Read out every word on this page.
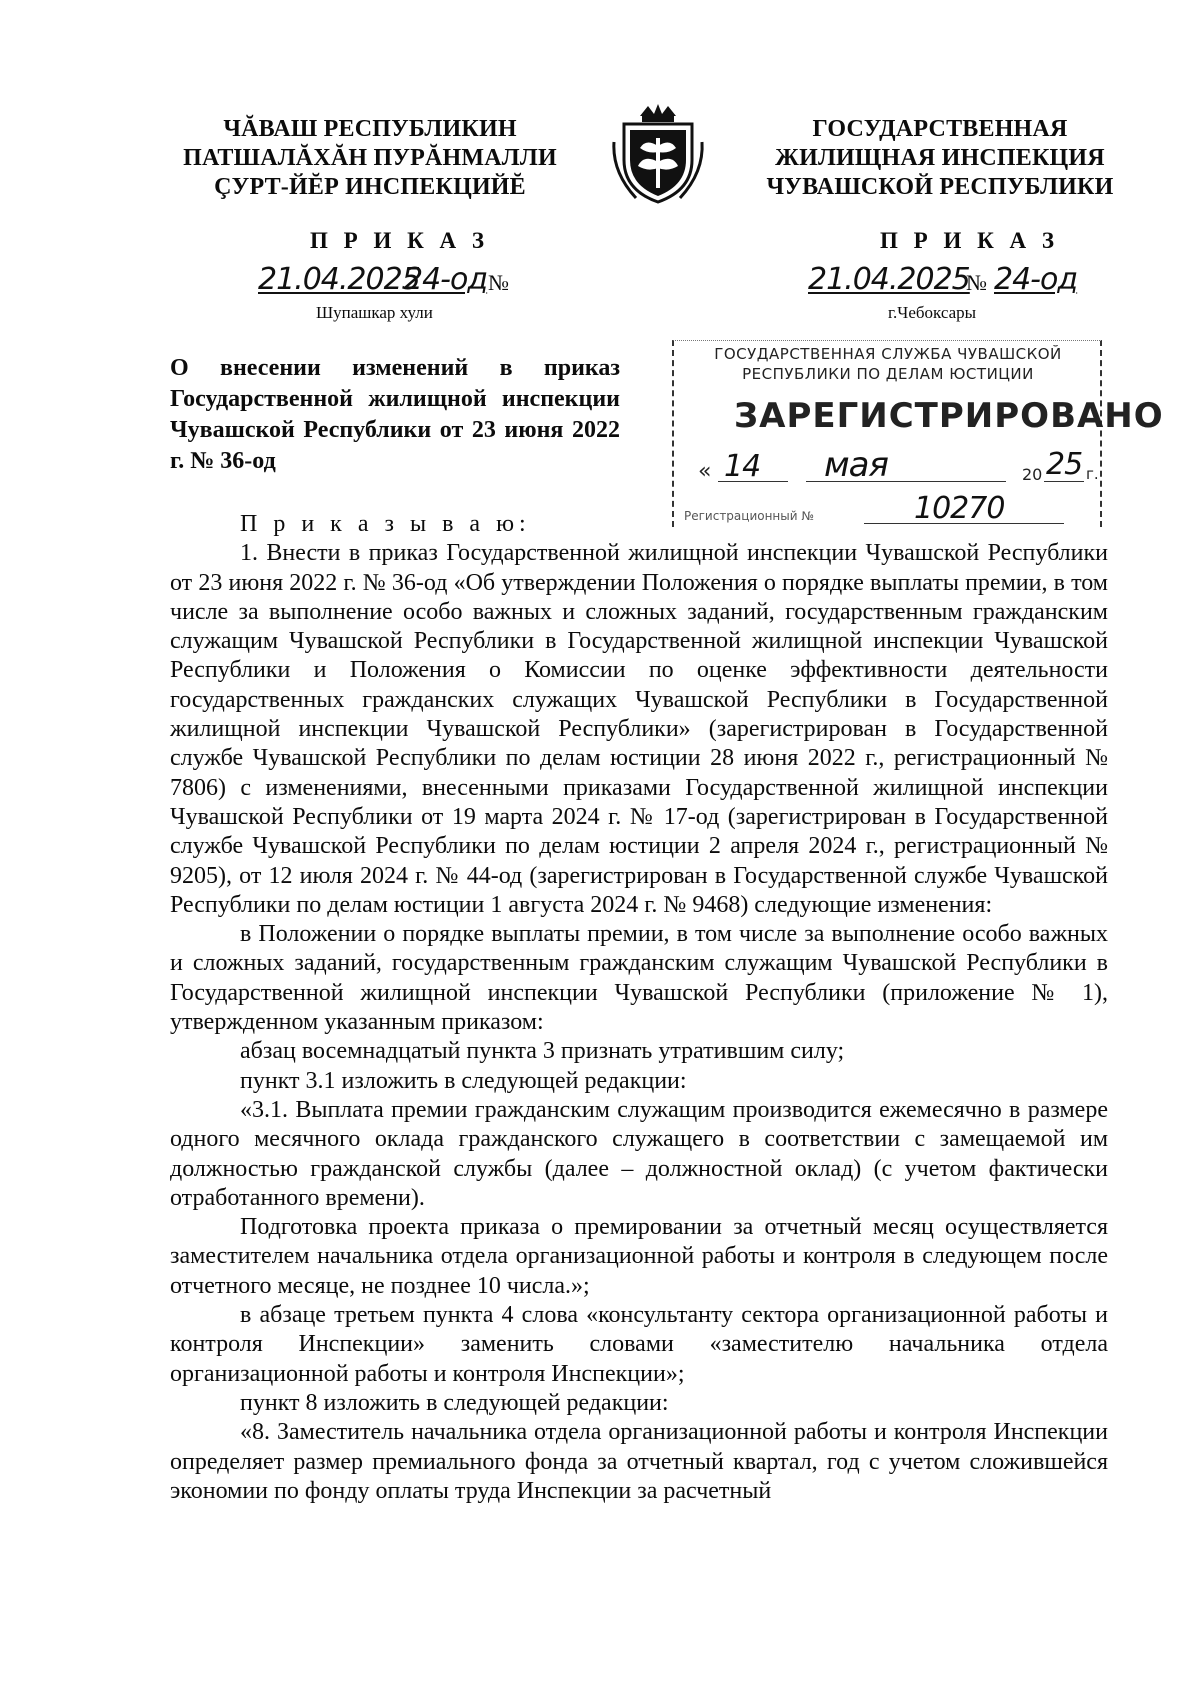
ЧĂВАШ РЕСПУБЛИКИН
ПАТШАЛĂХĂН ПУРĂНМАЛЛИ
ÇУРТ-ЙĔР ИНСПЕКЦИЙĔ
ГОСУДАРСТВЕННАЯ
ЖИЛИЩНАЯ ИНСПЕКЦИЯ
ЧУВАШСКОЙ РЕСПУБЛИКИ
П Р И К А З
21.04.2025
24-од №
Шупашкар хули
П Р И К А З
21.04.2025
№ 24-од
г.Чебоксары
О внесении изменений в приказ Государственной жилищной инспекции Чувашской Республики от 23 июня 2022 г. № 36-од
ГОСУДАРСТВЕННАЯ СЛУЖБА ЧУВАШСКОЙ
РЕСПУБЛИКИ ПО ДЕЛАМ ЮСТИЦИИ
ЗАРЕГИСТРИРОВАНО
« 14 мая	20 25 г.
Регистрационный №	10270
П р и к а з ы в а ю:

1. Внести в приказ Государственной жилищной инспекции Чувашской Республики от 23 июня 2022 г. № 36-од «Об утверждении Положения о порядке выплаты премии, в том числе за выполнение особо важных и сложных заданий, государственным гражданским служащим Чувашской Республики в Государственной жилищной инспекции Чувашской Республики и Положения о Комиссии по оценке эффективности деятельности государственных гражданских служащих Чувашской Республики в Государственной жилищной инспекции Чувашской Республики» (зарегистрирован в Государственной службе Чувашской Республики по делам юстиции 28 июня 2022 г., регистрационный № 7806) с изменениями, внесенными приказами Государственной жилищной инспекции Чувашской Республики от 19 марта 2024 г. № 17-од (зарегистрирован в Государственной службе Чувашской Республики по делам юстиции 2 апреля 2024 г., регистрационный № 9205), от 12 июля 2024 г. № 44-од (зарегистрирован в Государственной службе Чувашской Республики по делам юстиции 1 августа 2024 г. № 9468) следующие изменения:

в Положении о порядке выплаты премии, в том числе за выполнение особо важных и сложных заданий, государственным гражданским служащим Чувашской Республики в Государственной жилищной инспекции Чувашской Республики (приложение № 1), утвержденном указанным приказом:

абзац восемнадцатый пункта 3 признать утратившим силу;

пункт 3.1 изложить в следующей редакции:

«3.1. Выплата премии гражданским служащим производится ежемесячно в размере одного месячного оклада гражданского служащего в соответствии с замещаемой им должностью гражданской службы (далее – должностной оклад) (с учетом фактически отработанного времени).

Подготовка проекта приказа о премировании за отчетный месяц осуществляется заместителем начальника отдела организационной работы и контроля в следующем после отчетного месяце, не позднее 10 числа.»;

в абзаце третьем пункта 4 слова «консультанту сектора организационной работы и контроля Инспекции» заменить словами «заместителю начальника отдела организационной работы и контроля Инспекции»;

пункт 8 изложить в следующей редакции:

«8. Заместитель начальника отдела организационной работы и контроля Инспекции определяет размер премиального фонда за отчетный квартал, год с учетом сложившейся экономии по фонду оплаты труда Инспекции за расчетный
